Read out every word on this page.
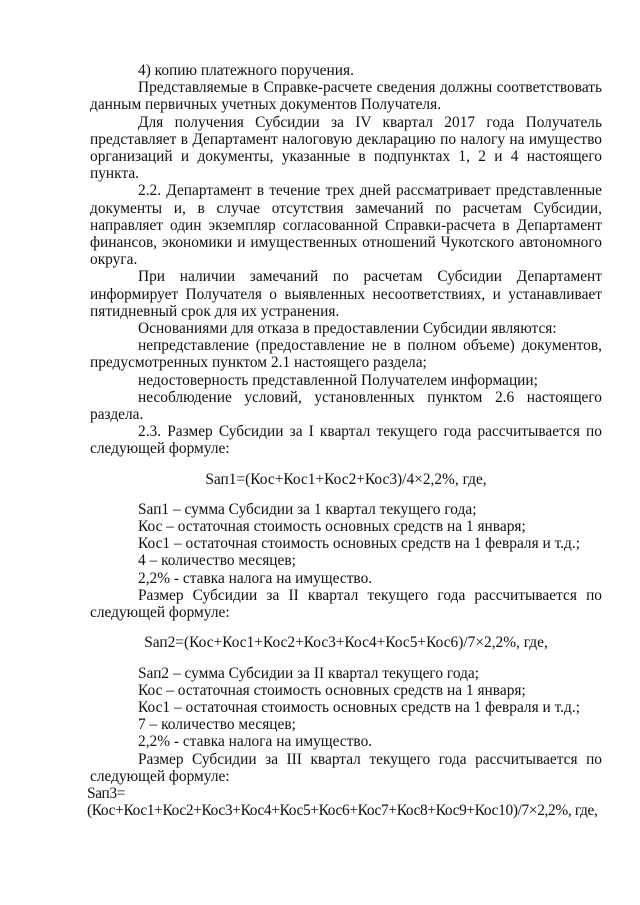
4) копию платежного поручения.

Представляемые в Справке-расчете сведения должны соответствовать данным первичных учетных документов Получателя.

Для получения Субсидии за IV квартал 2017 года Получатель представляет в Департамент налоговую декларацию по налогу на имущество организаций и документы, указанные в подпунктах 1, 2 и 4 настоящего пункта.

2.2. Департамент в течение трех дней рассматривает представленные документы и, в случае отсутствия замечаний по расчетам Субсидии, направляет один экземпляр согласованной Справки-расчета в Департамент финансов, экономики и имущественных отношений Чукотского автономного округа.

При наличии замечаний по расчетам Субсидии Департамент информирует Получателя о выявленных несоответствиях, и устанавливает пятидневный срок для их устранения.

Основаниями для отказа в предоставлении Субсидии являются:

непредставление (предоставление не в полном объеме) документов, предусмотренных пунктом 2.1 настоящего раздела;

недостоверность представленной Получателем информации;

несоблюдение условий, установленных пунктом 2.6 настоящего раздела.

2.3. Размер Субсидии за I квартал текущего года рассчитывается по следующей формуле:

Sап1=(Кос+Кос1+Кос2+Кос3)/4×2,2%, где,

Sап1 – сумма Субсидии за 1 квартал текущего года;

Кос – остаточная стоимость основных средств на 1 января;

Кос1 – остаточная стоимость основных средств на 1 февраля и т.д.;

4 – количество месяцев;

2,2% - ставка налога на имущество.

Размер Субсидии за II квартал текущего года рассчитывается по следующей формуле:

Sап2=(Кос+Кос1+Кос2+Кос3+Кос4+Кос5+Кос6)/7×2,2%, где,

Sап2 – сумма Субсидии за II квартал текущего года;

Кос – остаточная стоимость основных средств на 1 января;

Кос1 – остаточная стоимость основных средств на 1 февраля и т.д.;

7 – количество месяцев;

2,2% - ставка налога на имущество.

Размер Субсидии за III квартал текущего года рассчитывается по следующей формуле:

Sап3=(Кос+Кос1+Кос2+Кос3+Кос4+Кос5+Кос6+Кос7+Кос8+Кос9+Кос10)/7×2,2%, где,
